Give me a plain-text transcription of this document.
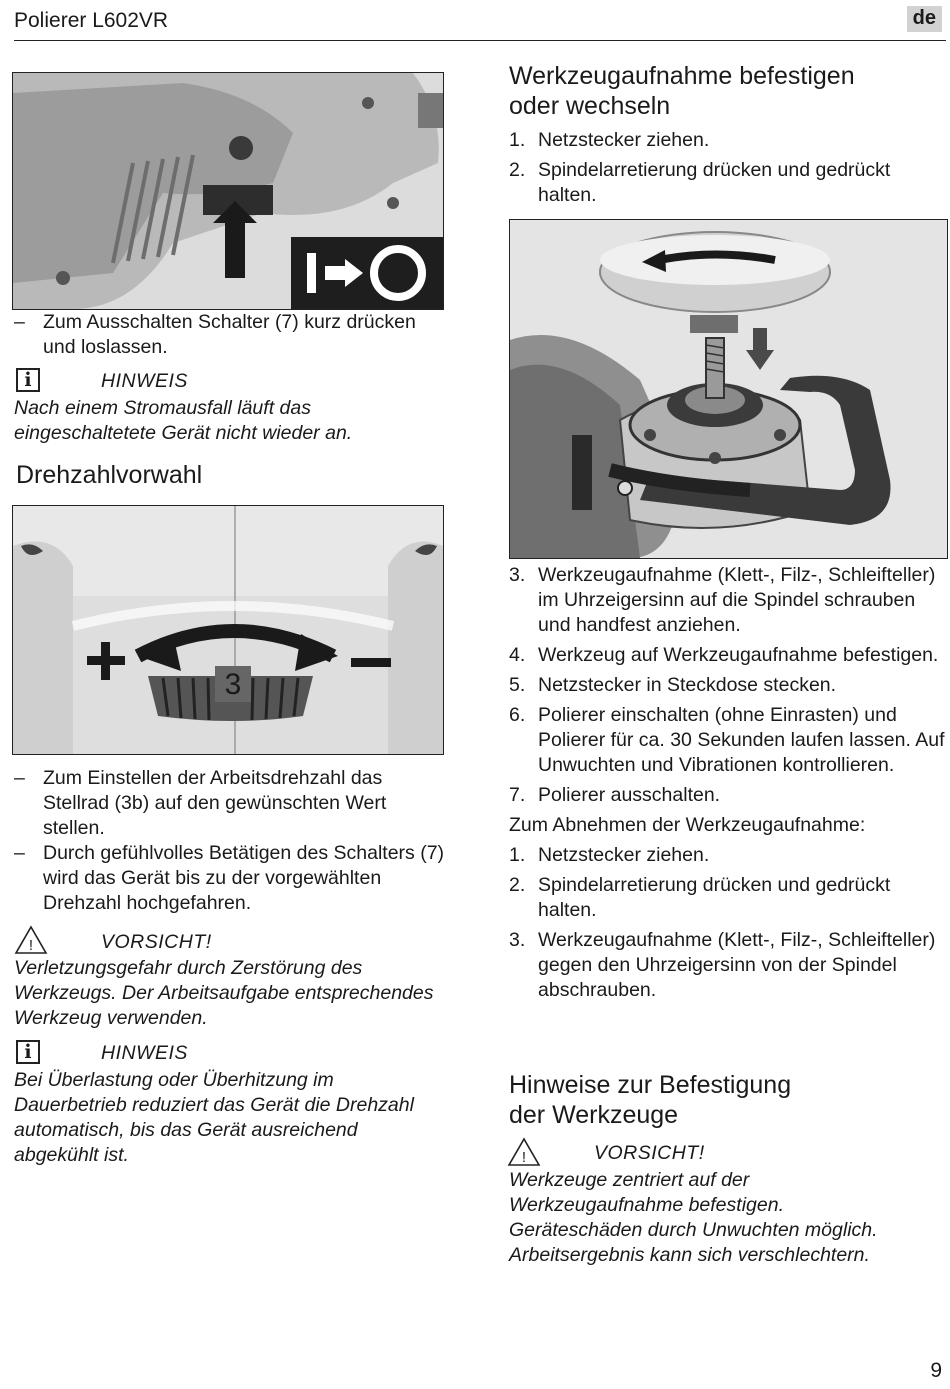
Polierer L602VR	de
– Zum Ausschalten Schalter (7) kurz drücken und loslassen.
i	HINWEIS
Nach einem Stromausfall läuft das eingeschaltetete Gerät nicht wieder an.
Drehzahlvorwahl
3
– Zum Einstellen der Arbeitsdrehzahl das Stellrad (3b) auf den gewünschten Wert stellen.
– Durch gefühlvolles Betätigen des Schalters (7) wird das Gerät bis zu der vorgewählten Drehzahl hochgefahren.
!	VORSICHT!
Verletzungsgefahr durch Zerstörung des Werkzeugs. Der Arbeitsaufgabe entsprechendes Werkzeug verwenden.
i	HINWEIS
Bei Überlastung oder Überhitzung im Dauerbetrieb reduziert das Gerät die Drehzahl automatisch, bis das Gerät ausreichend abgekühlt ist.
Werkzeugaufnahme befestigen
oder wechseln
1. Netzstecker ziehen.
2. Spindelarretierung drücken und gedrückt halten.
3. Werkzeugaufnahme (Klett-, Filz-, Schleifteller) im Uhrzeigersinn auf die Spindel schrauben und handfest anziehen.
4. Werkzeug auf Werkzeugaufnahme befestigen.
5. Netzstecker in Steckdose stecken.
6. Polierer einschalten (ohne Einrasten) und Polierer für ca. 30 Sekunden laufen lassen. Auf Unwuchten und Vibrationen kontrollieren.
7. Polierer ausschalten.
Zum Abnehmen der Werkzeugaufnahme:
1. Netzstecker ziehen.
2. Spindelarretierung drücken und gedrückt halten.
3. Werkzeugaufnahme (Klett-, Filz-, Schleifteller) gegen den Uhrzeigersinn von der Spindel abschrauben.
Hinweise zur Befestigung
der Werkzeuge
!	VORSICHT!
Werkzeuge zentriert auf der Werkzeugaufnahme befestigen. Geräteschäden durch Unwuchten möglich. Arbeitsergebnis kann sich verschlechtern.
9
